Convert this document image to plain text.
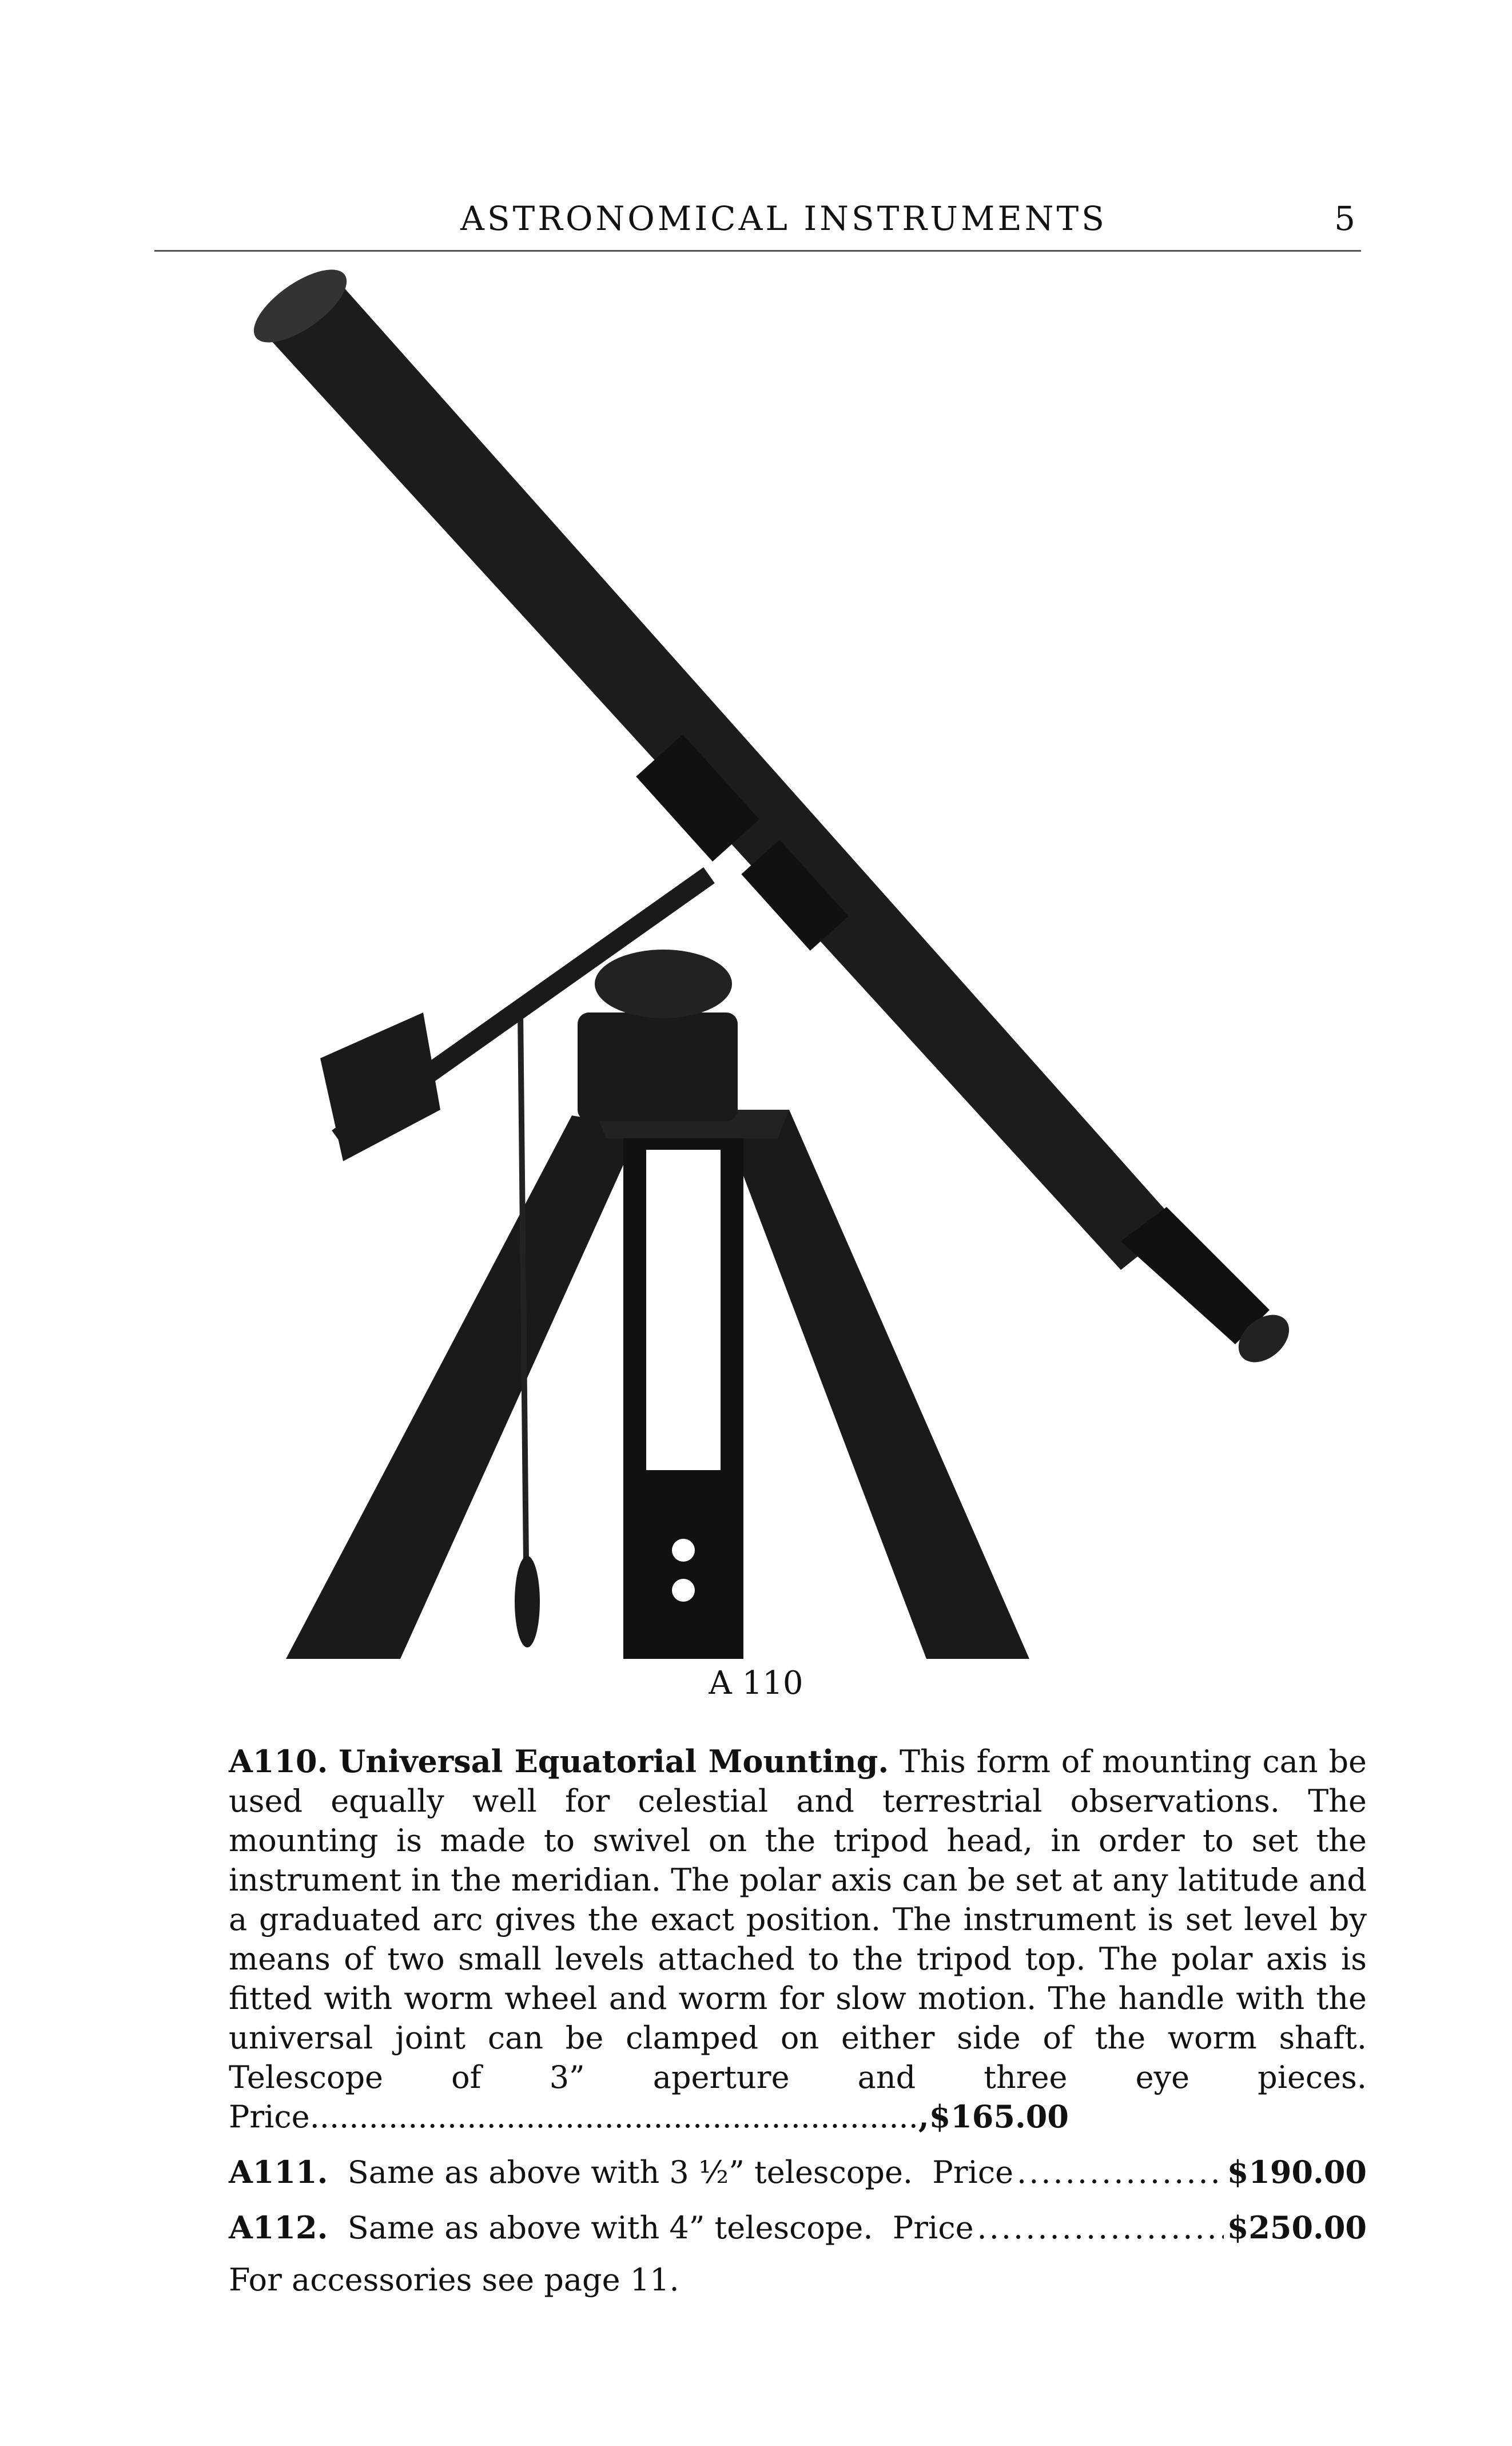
ASTRONOMICAL INSTRUMENTS	5
A 110

A110. Universal Equatorial Mounting. This form of mounting can be used equally well for celestial and terrestrial observations. The mounting is made to swivel on the tripod head, in order to set the instrument in the meridian. The polar axis can be set at any latitude and a graduated arc gives the exact position. The instrument is set level by means of two small levels attached to the tripod top. The polar axis is fitted with worm wheel and worm for slow motion. The handle with the universal joint can be clamped on either side of the worm shaft. Telescope of 3” aperture and three eye pieces. Price..............................................................,$165.00

A111.
Same as above with 3 ½” telescope.
Price .....	$190.00
A112.
Same as above with 4” telescope.
Price .....	$250.00
For accessories see page 11.
